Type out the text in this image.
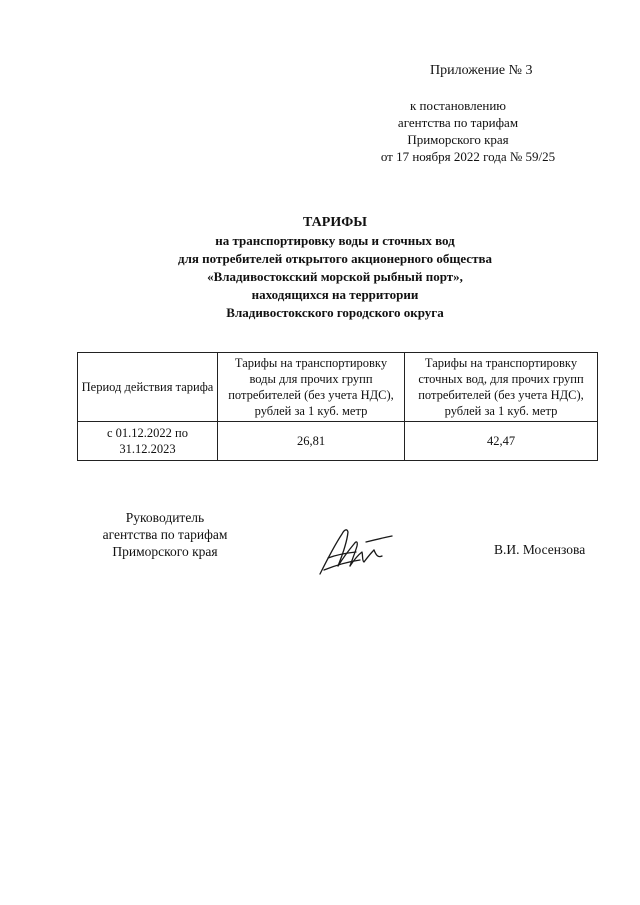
Приложение № 3
к постановлению
агентства по тарифам
Приморского края
от 17 ноября 2022 года № 59/25
ТАРИФЫ
на транспортировку воды и сточных вод
для потребителей открытого акционерного общества
«Владивостокский морской рыбный порт»,
находящихся на территории
Владивостокского городского округа
Период действия тарифа	Тарифы на транспортировку воды для прочих групп потребителей (без учета НДС), рублей за 1 куб. метр	Тарифы на транспортировку сточных вод, для прочих групп потребителей (без учета НДС), рублей за 1 куб. метр
с 01.12.2022 по 31.12.2023	26,81	42,47
Руководитель
агентства по тарифам
Приморского края	В.И. Мосензова
